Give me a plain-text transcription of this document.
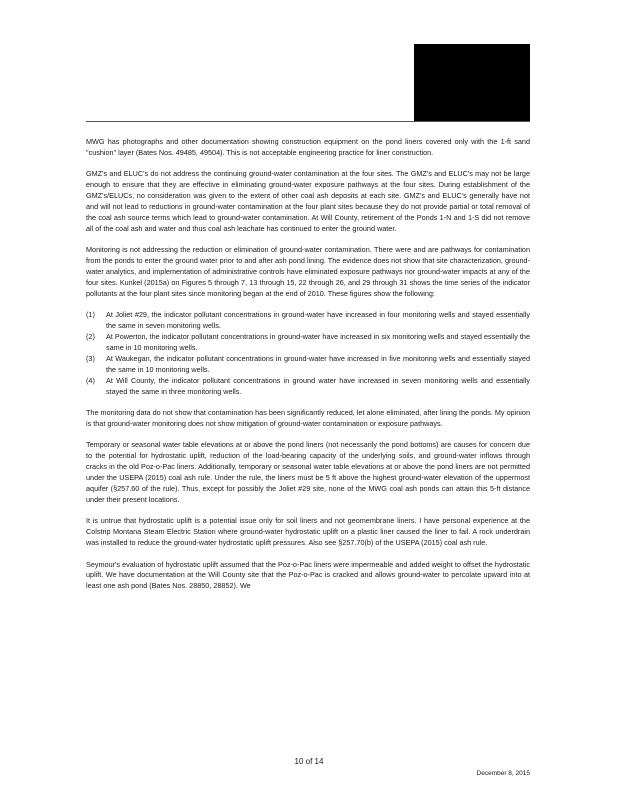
MWG has photographs and other documentation showing construction equipment on the pond liners covered only with the 1-ft sand "cushion" layer (Bates Nos. 49485, 49504). This is not acceptable engineering practice for liner construction.

GMZ's and ELUC's do not address the continuing ground-water contamination at the four sites. The GMZ's and ELUC's may not be large enough to ensure that they are effective in eliminating ground-water exposure pathways at the four sites. During establishment of the GMZ's/ELUCs, no consideration was given to the extent of other coal ash deposits at each site. GMZ's and ELUC's generally have not and will not lead to reductions in ground-water contamination at the four plant sites because they do not provide partial or total removal of the coal ash source terms which lead to ground-water contamination. At Will County, retirement of the Ponds 1-N and 1-S did not remove all of the coal ash and water and thus coal ash leachate has continued to enter the ground water.

Monitoring is not addressing the reduction or elimination of ground-water contamination. There were and are pathways for contamination from the ponds to enter the ground water prior to and after ash pond lining. The evidence does not show that site characterization, ground-water analytics, and implementation of administrative controls have eliminated exposure pathways nor ground-water impacts at any of the four sites. Kunkel (2015a) on Figures 5 through 7, 13 through 15, 22 through 26, and 29 through 31 shows the time series of the indicator pollutants at the four plant sites since monitoring began at the end of 2010. These figures show the following:

(1) At Joliet #29, the indicator pollutant concentrations in ground-water have increased in four monitoring wells and stayed essentially the same in seven monitoring wells.
(2) At Powerton, the indicator pollutant concentrations in ground-water have increased in six monitoring wells and stayed essentially the same in 10 monitoring wells.
(3) At Waukegan, the indicator pollutant concentrations in ground-water have increased in five monitoring wells and essentially stayed the same in 10 monitoring wells.
(4) At Will County, the indicator pollutant concentrations in ground water have increased in seven monitoring wells and essentially stayed the same in three monitoring wells.

The monitoring data do not show that contamination has been significantly reduced, let alone eliminated, after lining the ponds. My opinion is that ground-water monitoring does not show mitigation of ground-water contamination or exposure pathways.

Temporary or seasonal water table elevations at or above the pond liners (not necessarily the pond bottoms) are causes for concern due to the potential for hydrostatic uplift, reduction of the load-bearing capacity of the underlying soils, and ground-water inflows through cracks in the old Poz-o-Pac liners. Additionally, temporary or seasonal water table elevations at or above the pond liners are not permitted under the USEPA (2015) coal ash rule. Under the rule, the liners must be 5 ft above the highest ground-water elevation of the uppermost aquifer (§257.60 of the rule). Thus, except for possibly the Joliet #29 site, none of the MWG coal ash ponds can attain this 5-ft distance under their present locations.

It is untrue that hydrostatic uplift is a potential issue only for soil liners and not geomembrane liners. I have personal experience at the Colstrip Montana Steam Electric Station where ground-water hydrostatic uplift on a plastic liner caused the liner to fail. A rock underdrain was installed to reduce the ground-water hydrostatic uplift pressures. Also see §257.70(b) of the USEPA (2015) coal ash rule.

Seymour's evaluation of hydrostatic uplift assumed that the Poz-o-Pac liners were impermeable and added weight to offset the hydrostatic uplift. We have documentation at the Will County site that the Poz-o-Pac is cracked and allows ground-water to percolate upward into at least one ash pond (Bates Nos. 28850, 28852). We

10 of 14
December 8, 2015
